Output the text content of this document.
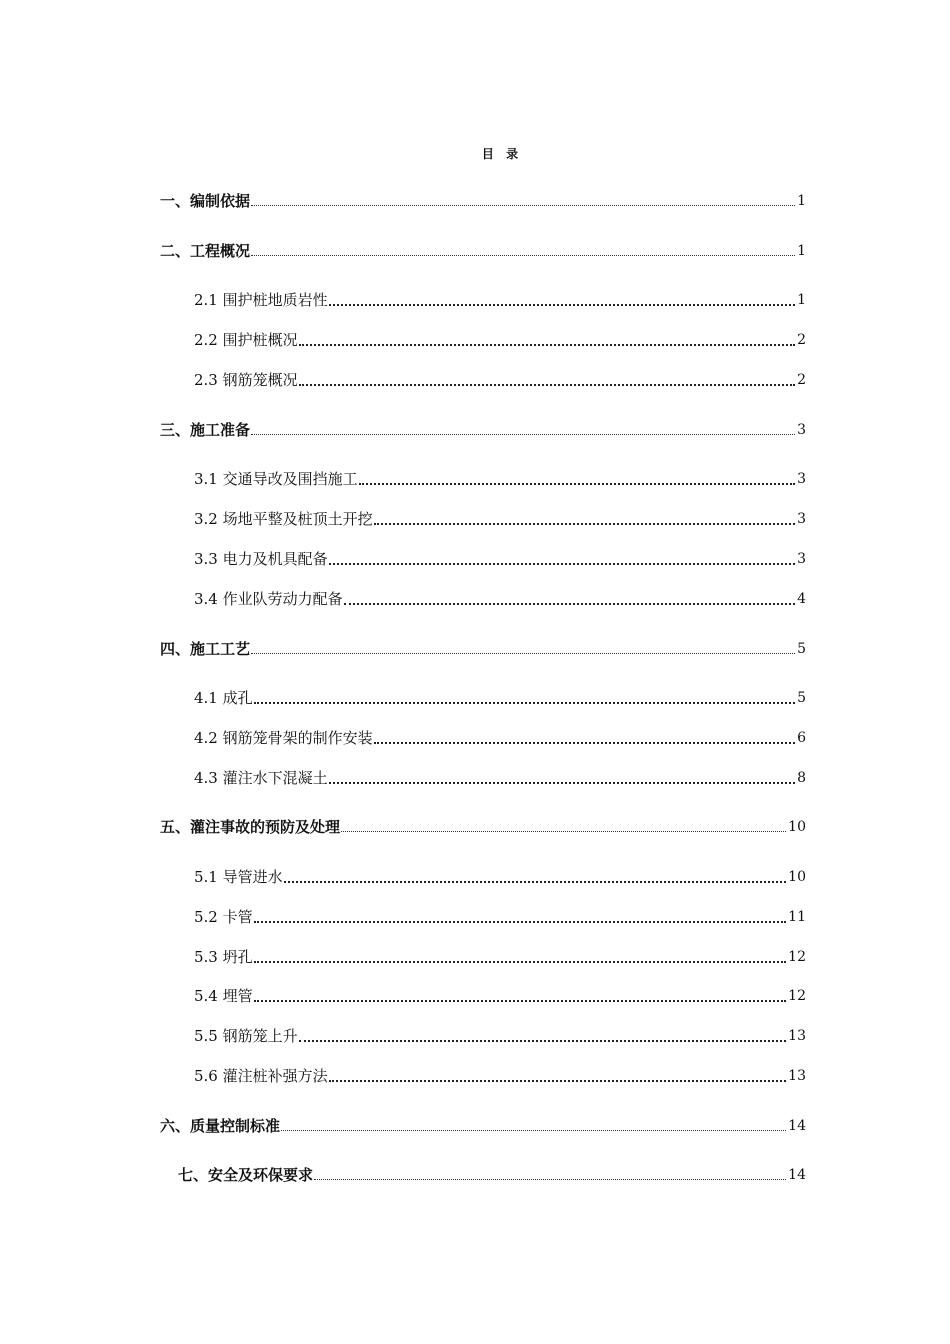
目 录
一、编制依据	1
二、工程概况	1
2.1 围护桩地质岩性	1
2.2 围护桩概况	2
2.3 钢筋笼概况	2
三、施工准备	3
3.1 交通导改及围挡施工	3
3.2 场地平整及桩顶土开挖	3
3.3 电力及机具配备	3
3.4 作业队劳动力配备	4
四、施工工艺	5
4.1 成孔	5
4.2 钢筋笼骨架的制作安装	6
4.3 灌注水下混凝土	8
五、灌注事故的预防及处理	10
5.1 导管进水	10
5.2 卡管	11
5.3 坍孔	12
5.4 埋管	12
5.5 钢筋笼上升	13
5.6 灌注桩补强方法	13
六、质量控制标准	14
七、安全及环保要求	14
